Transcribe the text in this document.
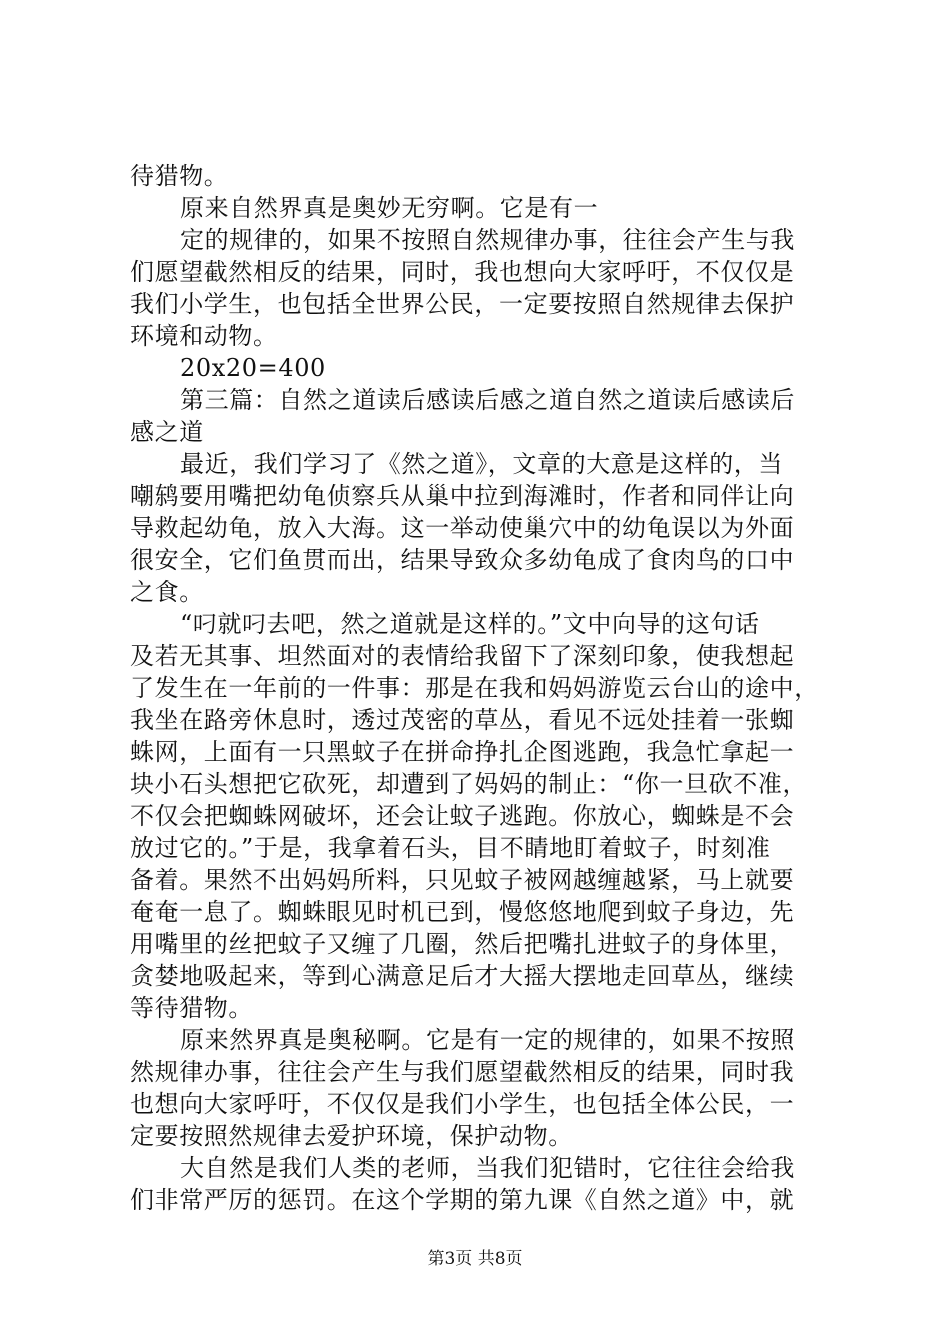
待猎物。
原来自然界真是奥妙无穷啊。它是有一
定的规律的，如果不按照自然规律办事，往往会产生与我
们愿望截然相反的结果，同时，我也想向大家呼吁，不仅仅是
我们小学生，也包括全世界公民，一定要按照自然规律去保护
环境和动物。
20x20=400
第三篇：自然之道读后感读后感之道自然之道读后感读后
感之道
最近，我们学习了《然之道》，文章的大意是这样的，当
嘲鸫要用嘴把幼龟侦察兵从巢中拉到海滩时，作者和同伴让向
导救起幼龟，放入大海。这一举动使巢穴中的幼龟误以为外面
很安全，它们鱼贯而出，结果导致众多幼龟成了食肉鸟的口中
之食。
“叼就叼去吧，然之道就是这样的。”文中向导的这句话
及若无其事、坦然面对的表情给我留下了深刻印象，使我想起
了发生在一年前的一件事：那是在我和妈妈游览云台山的途中，
我坐在路旁休息时，透过茂密的草丛，看见不远处挂着一张蜘
蛛网，上面有一只黑蚊子在拼命挣扎企图逃跑，我急忙拿起一
块小石头想把它砍死，却遭到了妈妈的制止：“你一旦砍不准，
不仅会把蜘蛛网破坏，还会让蚊子逃跑。你放心，蜘蛛是不会
放过它的。”于是，我拿着石头，目不睛地盯着蚊子，时刻准
备着。果然不出妈妈所料，只见蚊子被网越缠越紧，马上就要
奄奄一息了。蜘蛛眼见时机已到，慢悠悠地爬到蚊子身边，先
用嘴里的丝把蚊子又缠了几圈，然后把嘴扎进蚊子的身体里，
贪婪地吸起来，等到心满意足后才大摇大摆地走回草丛，继续
等待猎物。
原来然界真是奥秘啊。它是有一定的规律的，如果不按照
然规律办事，往往会产生与我们愿望截然相反的结果，同时我
也想向大家呼吁，不仅仅是我们小学生，也包括全体公民，一
定要按照然规律去爱护环境，保护动物。
大自然是我们人类的老师，当我们犯错时，它往往会给我
们非常严厉的惩罚。在这个学期的第九课《自然之道》中，就
第3页 共8页
